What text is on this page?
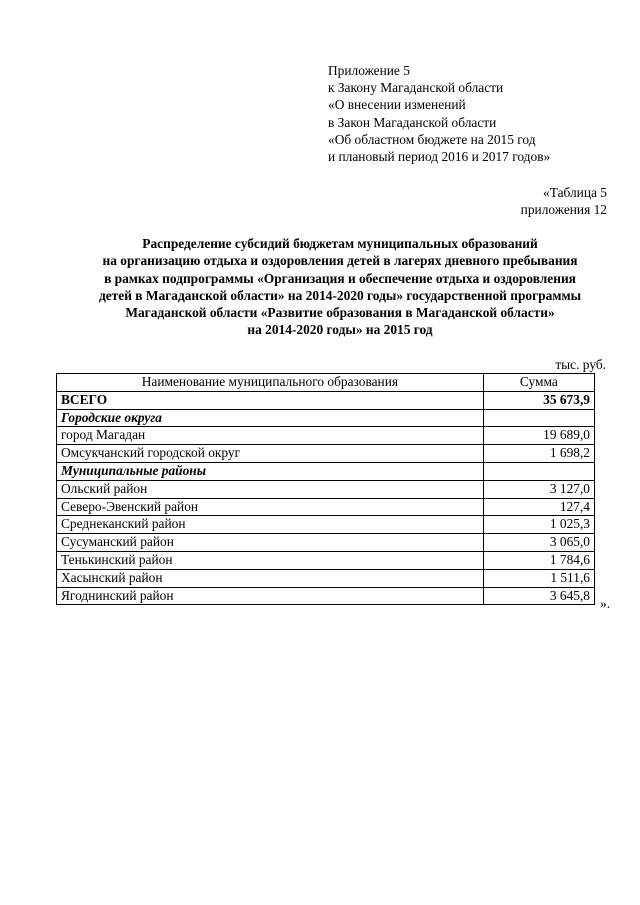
Приложение 5
к Закону Магаданской области
«О внесении изменений
в Закон Магаданской области
«Об областном бюджете на 2015 год
и плановый период 2016 и 2017 годов»
«Таблица 5
приложения 12
Распределение субсидий бюджетам муниципальных образований
на организацию отдыха и оздоровления детей в лагерях дневного пребывания
в рамках подпрограммы «Организация и обеспечение отдыха и оздоровления
детей в Магаданской области» на 2014-2020 годы» государственной программы
Магаданской области «Развитие образования в Магаданской области»
на 2014-2020 годы» на 2015 год
тыс. руб.
Наименование муниципального образования	Сумма
ВСЕГО	35 673,9
Городские округа	
город Магадан	19 689,0
Омсукчанский городской округ	1 698,2
Муниципальные районы	
Ольский район	3 127,0
Северо-Эвенский район	127,4
Среднеканский район	1 025,3
Сусуманский район	3 065,0
Тенькинский район	1 784,6
Хасынский район	1 511,6
Ягоднинский район	3 645,8
».
